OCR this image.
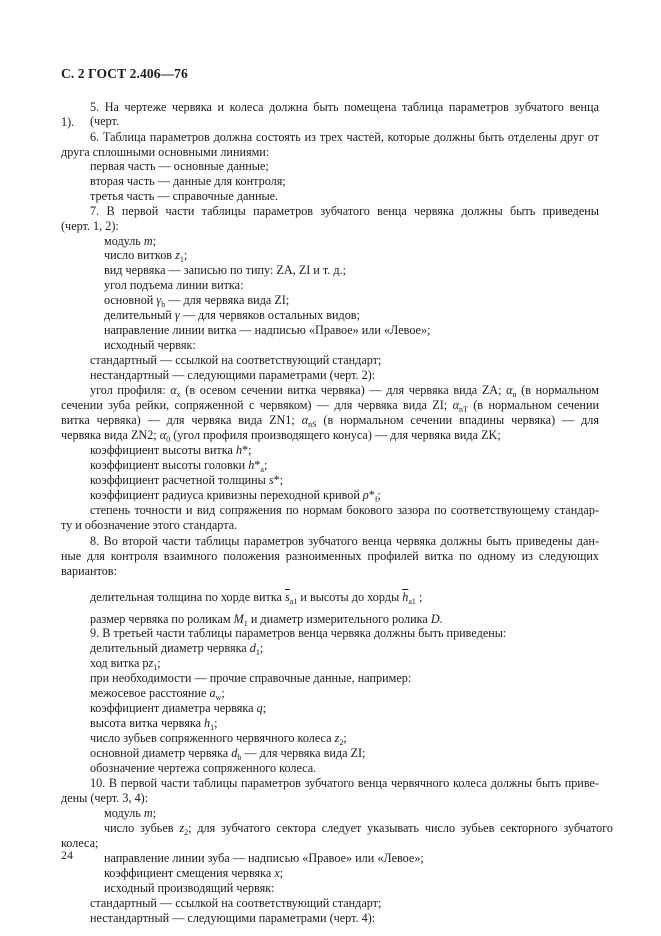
С. 2 ГОСТ 2.406—76
5. На чертеже червяка и колеса должна быть помещена таблица параметров зубчатого венца (черт.
1).
6. Таблица параметров должна состоять из трех частей, которые должны быть отделены друг от
друга сплошными основными линиями:
первая часть — основные данные;
вторая часть — данные для контроля;
третья часть — справочные данные.
7. В первой части таблицы параметров зубчатого венца червяка должны быть приведены
(черт. 1, 2):
модуль m;
число витков $z_1$;
вид червяка — записью по типу: ZA, ZI и т. д.;
угол подъема линии витка:
основной $\gamma_b$ — для червяка вида ZI;
делительный γ — для червяков остальных видов;
направление линии витка — надписью «Правое» или «Левое»;
исходный червяк:
стандартный — ссылкой на соответствующий стандарт;
нестандартный — следующими параметрами (черт. 2):
угол профиля: $\alpha_x$ (в осевом сечении витка червяка) — для червяка вида ZA; $\alpha_n$ (в нормальном
сечении зуба рейки, сопряженной с червяком) — для червяка вида ZI; $\alpha_{nT}$ (в нормальном сечении
витка червяка) — для червяка вида ZN1; $\alpha_{nS}$ (в нормальном сечении впадины червяка) — для
червяка вида ZN2; $\alpha_0$ (угол профиля производящего конуса) — для червяка вида ZK;
коэффициент высоты витка h*;
коэффициент высоты головки $h*_a$;
коэффициент расчетной толщины s*;
коэффициент радиуса кривизны переходной кривой $\rho*_f$;
степень точности и вид сопряжения по нормам бокового зазора по соответствующему стандар-
ту и обозначение этого стандарта.
8. Во второй части таблицы параметров зубчатого венца червяка должны быть приведены дан-
ные для контроля взаимного положения разноименных профилей витка по одному из следующих
вариантов:
делительная толщина по хорде витка $\overline{s}_{a1}$ и высоты до хорды $\overline{h}_{a1}$ ;
размер червяка по роликам $M_1$ и диаметр измерительного ролика D.
9. В третьей части таблицы параметров венца червяка должны быть приведены:
делительный диаметр червяка $d_1$;
ход витка $pz_1$;
при необходимости — прочие справочные данные, например:
межосевое расстояние $a_w$;
коэффициент диаметра червяка q;
высота витка червяка $h_1$;
число зубьев сопряженного червячного колеса $z_2$;
основной диаметр червяка $d_b$ — для червяка вида ZI;
обозначение чертежа сопряженного колеса.
10. В первой части таблицы параметров зубчатого венца червячного колеса должны быть приве-
дены (черт. 3, 4):
модуль m;
число зубьев $z_2$; для зубчатого сектора следует указывать число зубьев секторного зубчатого
колеса;
направление линии зуба — надписью «Правое» или «Левое»;
коэффициент смещения червяка x;
исходный производящий червяк:
стандартный — ссылкой на соответствующий стандарт;
нестандартный — следующими параметрами (черт. 4):
24
